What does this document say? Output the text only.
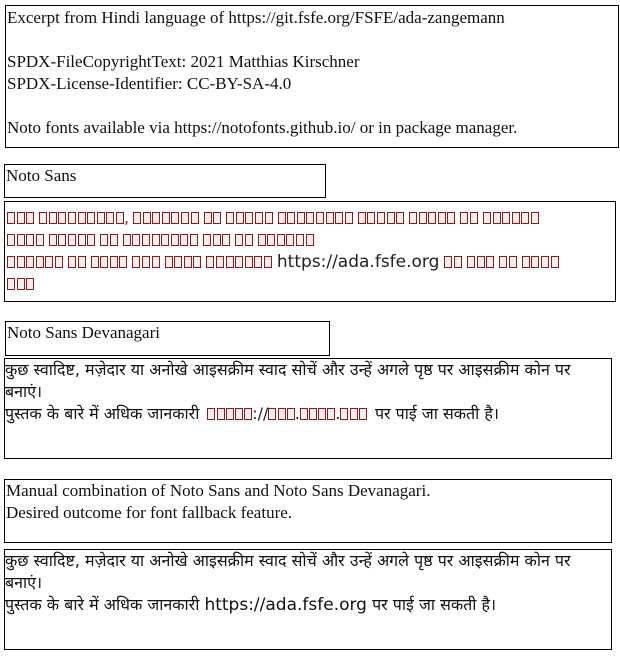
Excerpt from Hindi language of https://git.fsfe.org/FSFE/ada-zangemann
SPDX-FileCopyrightText: 2021 Matthias Kirschner
SPDX-License-Identifier: CC-BY-SA-4.0
Noto fonts available via https://notofonts.github.io/ or in package manager.
Noto Sans
,
https://ada.fsfe.org
Noto Sans Devanagari
कुछ स्वादिष्ट, मज़ेदार या अनोखे आइसक्रीम स्वाद सोचें और उन्हें अगले पृष्ठ पर आइसक्रीम कोन पर बनाएं।
पुस्तक के बारे में अधिक जानकारी	:// . . पर पाई जा सकती है।
Manual combination of Noto Sans and Noto Sans Devanagari.
Desired outcome for font fallback feature.
कुछ स्वादिष्ट, मज़ेदार या अनोखे आइसक्रीम स्वाद सोचें और उन्हें अगले पृष्ठ पर आइसक्रीम कोन पर बनाएं।
पुस्तक के बारे में अधिक जानकारी https://ada.fsfe.org पर पाई जा सकती है।
